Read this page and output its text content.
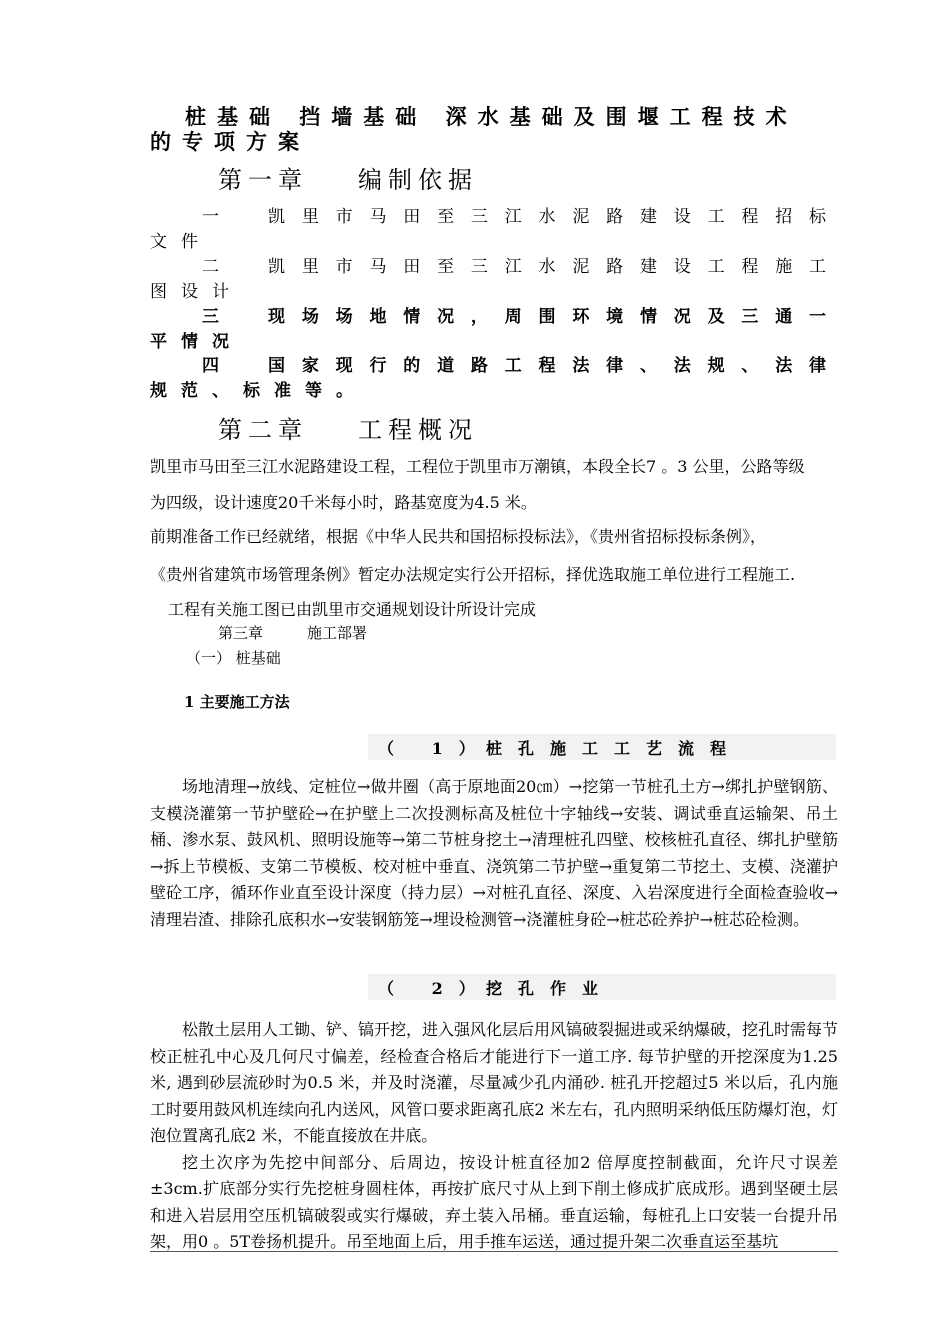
桩基础 挡墙基础 深水基础及围堰工程技术
的专项方案
第一章 编制依据
一	凯 里 市 马 田 至 三 江 水 泥 路 建 设 工 程 招 标
文件
二	凯 里 市 马 田 至 三 江 水 泥 路 建 设 工 程 施 工
图设计
三	现 场 场 地 情 况 ， 周 围 环 境 情 况 及 三 通 一
平情况
四	国 家 现 行 的 道 路 工 程 法 律 、 法 规 、 法 律
规范、标准等。
第二章 工程概况
凯里市马田至三江水泥路建设工程，工程位于凯里市万潮镇，本段全长7 。3 公里，公路等级
为四级，设计速度20千米每小时，路基宽度为4.5 米。
前期准备工作已经就绪，根据《中华人民共和国招标投标法》，《贵州省招标投标条例》，
《贵州省建筑市场管理条例》暂定办法规定实行公开招标，择优选取施工单位进行工程施工.
工程有关施工图已由凯里市交通规划设计所设计完成
第三章	施工部署
（一） 桩基础
1 主要施工方法
（ 1）
桩孔施工工艺流程

场地清理→放线、定桩位→做井圈（高于原地面20㎝）→挖第一节桩孔土方→绑扎护壁钢筋、支模浇灌第一节护壁砼→在护壁上二次投测标高及桩位十字轴线→安装、调试垂直运输架、吊土桶、渗水泵、鼓风机、照明设施等→第二节桩身挖土→清理桩孔四壁、校核桩孔直径、绑扎护壁筋→拆上节模板、支第二节模板、校对桩中垂直、浇筑第二节护壁→重复第二节挖土、支模、浇灌护壁砼工序，循环作业直至设计深度（持力层）→对桩孔直径、深度、入岩深度进行全面检查验收→清理岩渣、排除孔底积水→安装钢筋笼→埋设检测管→浇灌桩身砼→桩芯砼养护→桩芯砼检测。

（ 2）
挖孔作业

松散土层用人工锄、铲、镐开挖，进入强风化层后用风镐破裂掘进或采纳爆破，挖孔时需每节校正桩孔中心及几何尺寸偏差，经检查合格后才能进行下一道工序. 每节护壁的开挖深度为1.25米, 遇到砂层流砂时为0.5 米，并及时浇灌，尽量减少孔内涌砂. 桩孔开挖超过5 米以后，孔内施工时要用鼓风机连续向孔内送风，风管口要求距离孔底2 米左右，孔内照明采纳低压防爆灯泡，灯泡位置离孔底2 米，不能直接放在井底。

挖土次序为先挖中间部分、后周边，按设计桩直径加2 倍厚度控制截面，允许尺寸误差±3cm.扩底部分实行先挖桩身圆柱体，再按扩底尺寸从上到下削土修成扩底成形。遇到坚硬土层和进入岩层用空压机镐破裂或实行爆破，弃土装入吊桶。垂直运输，每桩孔上口安装一台提升吊架，用0 。5T卷扬机提升。吊至地面上后，用手推车运送，通过提升架二次垂直运至基坑
